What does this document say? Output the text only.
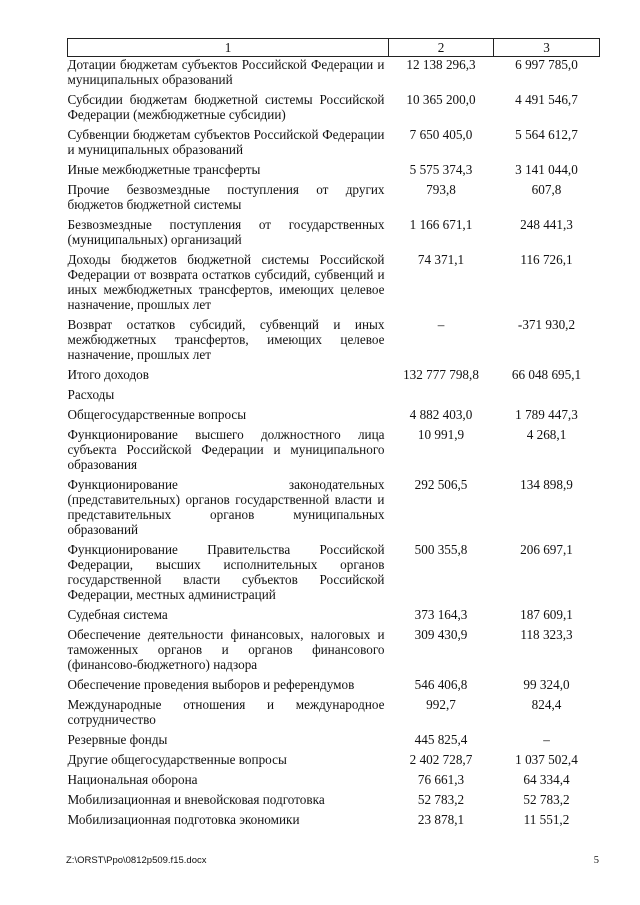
1	2	3
Дотации бюджетам субъектов Российской Федерации и муниципальных образований	12 138 296,3	6 997 785,0
Субсидии бюджетам бюджетной системы Российской Федерации (межбюджетные субсидии)	10 365 200,0	4 491 546,7
Субвенции бюджетам субъектов Российской Федерации и муниципальных образований	7 650 405,0	5 564 612,7
Иные межбюджетные трансферты	5 575 374,3	3 141 044,0
Прочие безвозмездные поступления от других бюджетов бюджетной системы	793,8	607,8
Безвозмездные поступления от государственных (муниципальных) организаций	1 166 671,1	248 441,3
Доходы бюджетов бюджетной системы Российской Федерации от возврата остатков субсидий, субвенций и иных межбюджетных трансфертов, имеющих целевое назначение, прошлых лет	74 371,1	116 726,1
Возврат остатков субсидий, субвенций и иных межбюджетных трансфертов, имеющих целевое назначение, прошлых лет	–	-371 930,2
Итого доходов	132 777 798,8	66 048 695,1
Расходы		
Общегосударственные вопросы	4 882 403,0	1 789 447,3
Функционирование высшего должностного лица субъекта Российской Федерации и муниципального образования	10 991,9	4 268,1
Функционирование законодательных (представительных) органов государственной власти и представительных органов муниципальных образований	292 506,5	134 898,9
Функционирование Правительства Российской Федерации, высших исполнительных органов государственной власти субъектов Российской Федерации, местных администраций	500 355,8	206 697,1
Судебная система	373 164,3	187 609,1
Обеспечение деятельности финансовых, налоговых и таможенных органов и органов финансового (финансово-бюджетного) надзора	309 430,9	118 323,3
Обеспечение проведения выборов и референдумов	546 406,8	99 324,0
Международные отношения и международное сотрудничество	992,7	824,4
Резервные фонды	445 825,4	–
Другие общегосударственные вопросы	2 402 728,7	1 037 502,4
Национальная оборона	76 661,3	64 334,4
Мобилизационная и вневойсковая подготовка	52 783,2	52 783,2
Мобилизационная подготовка экономики	23 878,1	11 551,2
Z:\ORST\Ppo\0812p509.f15.docx	5
